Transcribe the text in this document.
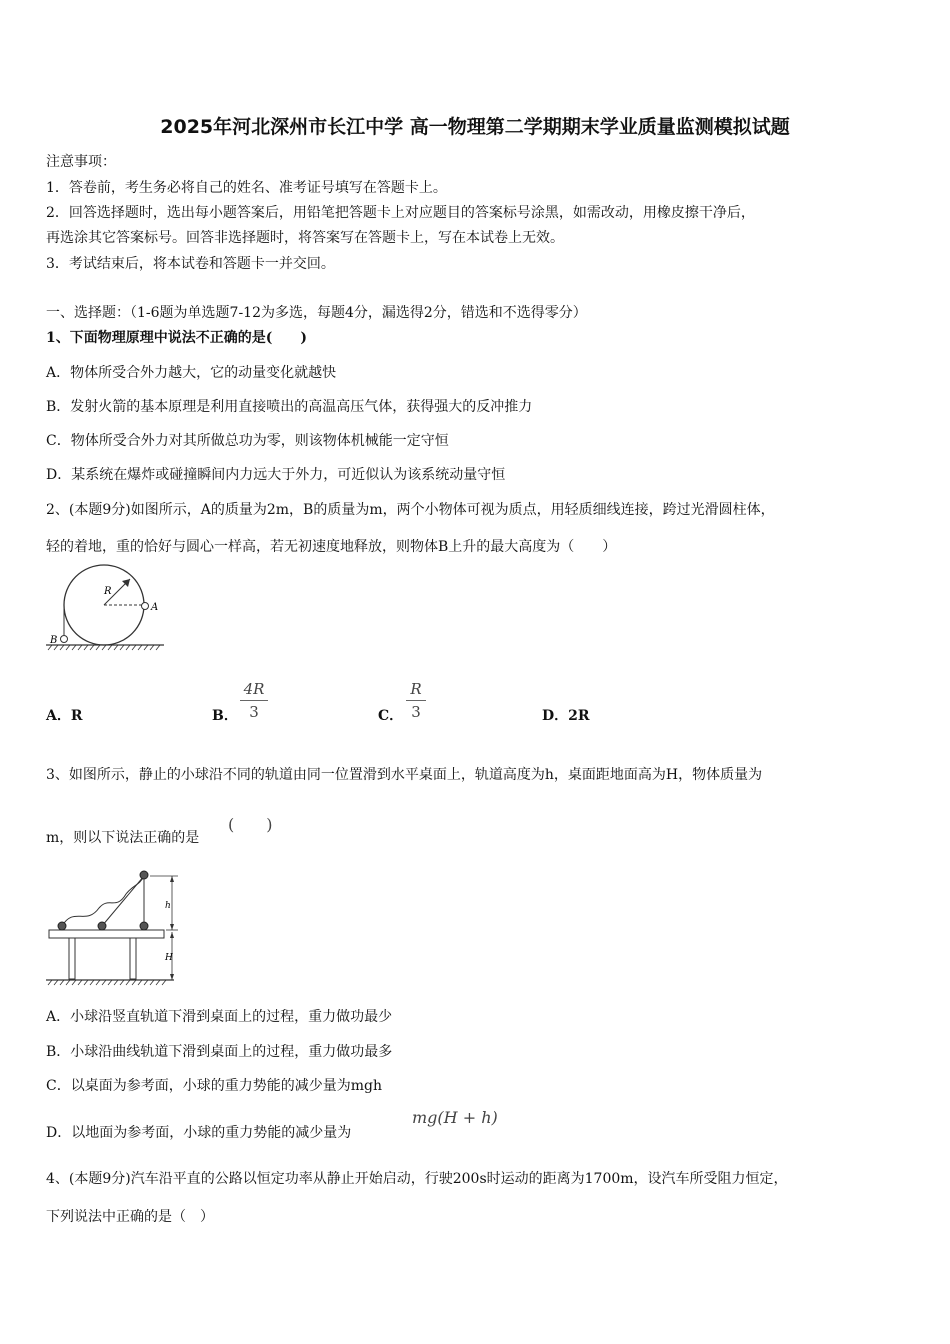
2025年河北深州市长江中学 高一物理第二学期期末学业质量监测模拟试题
注意事项：
1．答卷前，考生务必将自己的姓名、准考证号填写在答题卡上。
2．回答选择题时，选出每小题答案后，用铅笔把答题卡上对应题目的答案标号涂黑，如需改动，用橡皮擦干净后，
再选涂其它答案标号。回答非选择题时，将答案写在答题卡上，写在本试卷上无效。
3．考试结束后，将本试卷和答题卡一并交回。
一、选择题：（1-6题为单选题7-12为多选，每题4分，漏选得2分，错选和不选得零分）
1、下面物理原理中说法不正确的是(　　)
A．物体所受合外力越大，它的动量变化就越快
B．发射火箭的基本原理是利用直接喷出的高温高压气体，获得强大的反冲推力
C．物体所受合外力对其所做总功为零，则该物体机械能一定守恒
D．某系统在爆炸或碰撞瞬间内力远大于外力，可近似认为该系统动量守恒
2、(本题9分)如图所示，A的质量为2m，B的质量为m，两个小物体可视为质点，用轻质细线连接，跨过光滑圆柱体，
轻的着地，重的恰好与圆心一样高，若无初速度地释放，则物体B上升的最大高度为（　　）
R
A
B
A．R	B．
4R
3	C．
R
3	D．2R
3、如图所示，静止的小球沿不同的轨道由同一位置滑到水平桌面上，轨道高度为h，桌面距地面高为H，物体质量为
m，则以下说法正确的是
(　　)
h
H
A．小球沿竖直轨道下滑到桌面上的过程，重力做功最少
B．小球沿曲线轨道下滑到桌面上的过程，重力做功最多
C．以桌面为参考面，小球的重力势能的减少量为mgh
D．以地面为参考面，小球的重力势能的减少量为
mg(H + h)
4、(本题9分)汽车沿平直的公路以恒定功率从静止开始启动，行驶200s时运动的距离为1700m，设汽车所受阻力恒定，
下列说法中正确的是（　）
